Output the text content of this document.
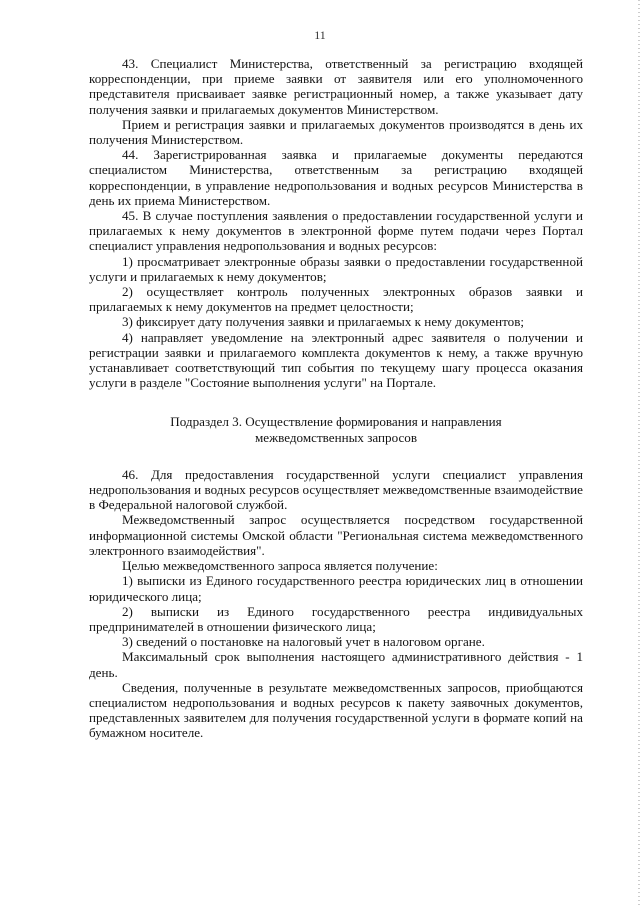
11

43. Специалист Министерства, ответственный за регистрацию входящей корреспонденции, при приеме заявки от заявителя или его уполномоченного представителя присваивает заявке регистрационный номер, а также указывает дату получения заявки и прилагаемых документов Министерством.

Прием и регистрация заявки и прилагаемых документов производятся в день их получения Министерством.

44. Зарегистрированная заявка и прилагаемые документы передаются специалистом Министерства, ответственным за регистрацию входящей корреспонденции, в управление недропользования и водных ресурсов Министерства в день их приема Министерством.

45. В случае поступления заявления о предоставлении государственной услуги и прилагаемых к нему документов в электронной форме путем подачи через Портал специалист управления недропользования и водных ресурсов:

1) просматривает электронные образы заявки о предоставлении государственной услуги и прилагаемых к нему документов;

2) осуществляет контроль полученных электронных образов заявки и прилагаемых к нему документов на предмет целостности;

3) фиксирует дату получения заявки и прилагаемых к нему документов;

4) направляет уведомление на электронный адрес заявителя о получении и регистрации заявки и прилагаемого комплекта документов к нему, а также вручную устанавливает соответствующий тип события по текущему шагу процесса оказания услуги в разделе "Состояние выполнения услуги" на Портале.

Подраздел 3. Осуществление формирования и направления межведомственных запросов

46. Для предоставления государственной услуги специалист управления недропользования и водных ресурсов осуществляет межведомственные взаимодействие в Федеральной налоговой службой.

Межведомственный запрос осуществляется посредством государственной информационной системы Омской области "Региональная система межведомственного электронного взаимодействия".

Целью межведомственного запроса является получение:

1) выписки из Единого государственного реестра юридических лиц в отношении юридического лица;

2) выписки из Единого государственного реестра индивидуальных предпринимателей в отношении физического лица;

3) сведений о постановке на налоговый учет в налоговом органе.

Максимальный срок выполнения настоящего административного действия - 1 день.

Сведения, полученные в результате межведомственных запросов, приобщаются специалистом недропользования и водных ресурсов к пакету заявочных документов, представленных заявителем для получения государственной услуги в формате копий на бумажном носителе.
